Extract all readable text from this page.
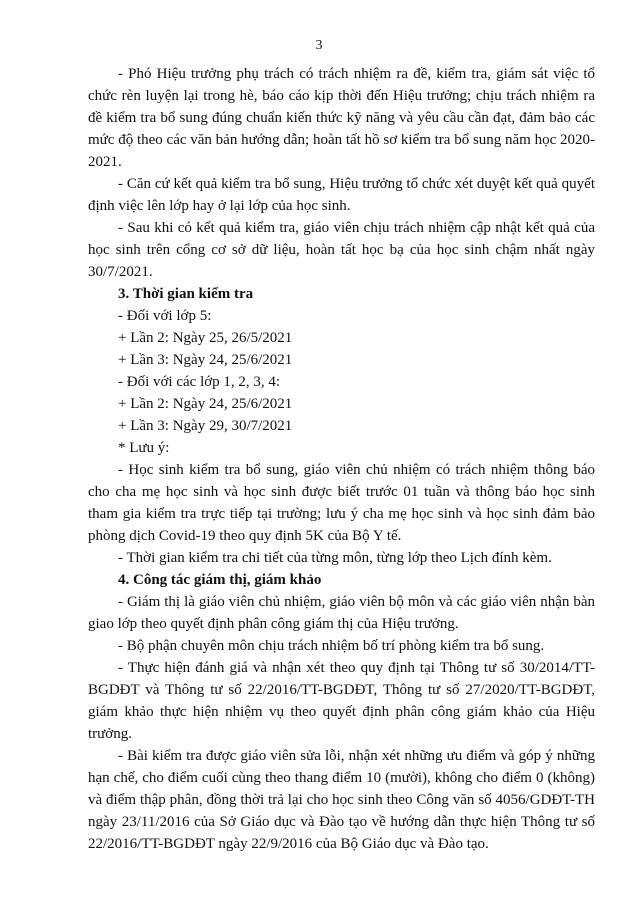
3

- Phó Hiệu trưởng phụ trách có trách nhiệm ra đề, kiểm tra, giám sát việc tổ chức rèn luyện lại trong hè, báo cáo kịp thời đến Hiệu trưởng; chịu trách nhiệm ra đề kiểm tra bổ sung đúng chuẩn kiến thức kỹ năng và yêu cầu cần đạt, đảm bảo các mức độ theo các văn bản hướng dẫn; hoàn tất hồ sơ kiểm tra bổ sung năm học 2020-2021.

- Căn cứ kết quả kiểm tra bổ sung, Hiệu trưởng tổ chức xét duyệt kết quả quyết định việc lên lớp hay ở lại lớp của học sinh.

- Sau khi có kết quả kiểm tra, giáo viên chịu trách nhiệm cập nhật kết quả của học sinh trên cổng cơ sở dữ liệu, hoàn tất học bạ của học sinh chậm nhất ngày 30/7/2021.

3. Thời gian kiểm tra

- Đối với lớp 5:

+ Lần 2: Ngày 25, 26/5/2021

+ Lần 3: Ngày 24, 25/6/2021

- Đối với các lớp 1, 2, 3, 4:

+ Lần 2: Ngày 24, 25/6/2021

+ Lần 3: Ngày 29, 30/7/2021

* Lưu ý:

- Học sinh kiểm tra bổ sung, giáo viên chủ nhiệm có trách nhiệm thông báo cho cha mẹ học sinh và học sinh được biết trước 01 tuần và thông báo học sinh tham gia kiểm tra trực tiếp tại trường; lưu ý cha mẹ học sinh và học sinh đảm bảo phòng dịch Covid-19 theo quy định 5K của Bộ Y tế.

- Thời gian kiểm tra chi tiết của từng môn, từng lớp theo Lịch đính kèm.

4. Công tác giám thị, giám khảo

- Giám thị là giáo viên chủ nhiệm, giáo viên bộ môn và các giáo viên nhận bàn giao lớp theo quyết định phân công giám thị của Hiệu trưởng.

- Bộ phận chuyên môn chịu trách nhiệm bố trí phòng kiểm tra bổ sung.

- Thực hiện đánh giá và nhận xét theo quy định tại Thông tư số 30/2014/TT-BGDĐT và Thông tư số 22/2016/TT-BGDĐT, Thông tư số 27/2020/TT-BGDĐT, giám khảo thực hiện nhiệm vụ theo quyết định phân công giám khảo của Hiệu trưởng.

- Bài kiểm tra được giáo viên sửa lỗi, nhận xét những ưu điểm và góp ý những hạn chế, cho điểm cuối cùng theo thang điểm 10 (mười), không cho điểm 0 (không) và điểm thập phân, đồng thời trả lại cho học sinh theo Công văn số 4056/GDĐT-TH ngày 23/11/2016 của Sở Giáo dục và Đào tạo về hướng dẫn thực hiện Thông tư số 22/2016/TT-BGDĐT ngày 22/9/2016 của Bộ Giáo dục và Đào tạo.
